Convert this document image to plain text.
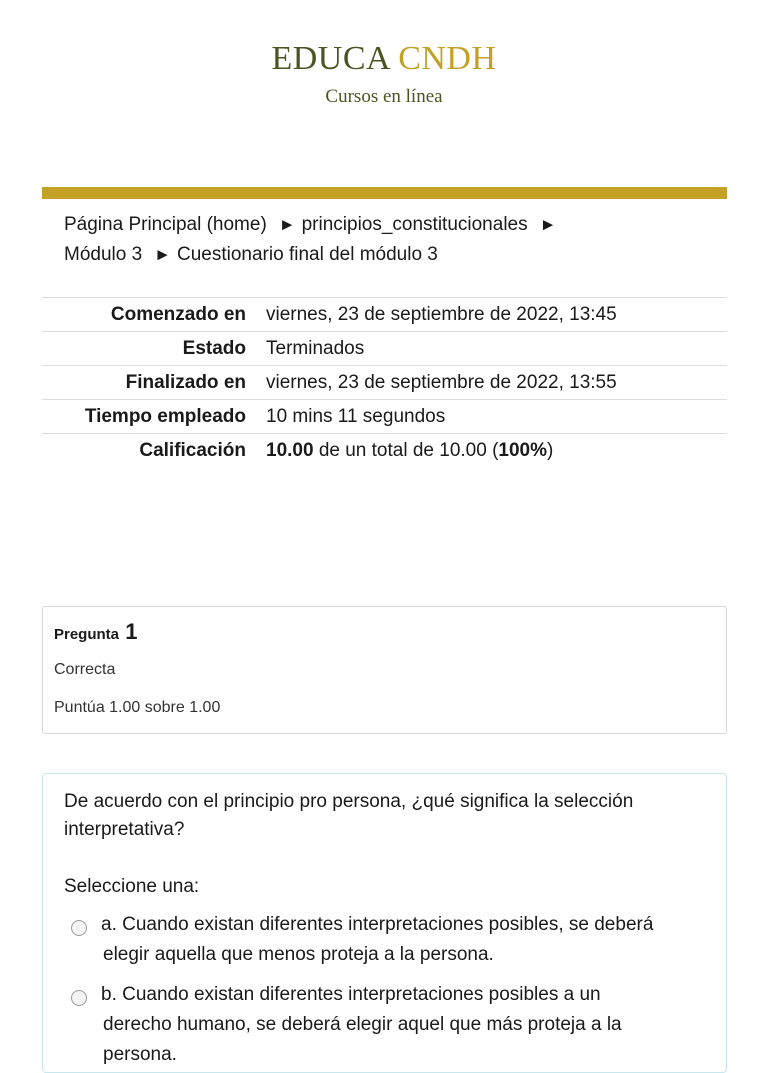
EDUCA CNDH
Cursos en línea
Página Principal (home) ► principios_constitucionales ►
Módulo 3 ► Cuestionario final del módulo 3
Comenzado en	viernes, 23 de septiembre de 2022, 13:45
Estado	Terminados
Finalizado en	viernes, 23 de septiembre de 2022, 13:55
Tiempo empleado	10 mins 11 segundos
Calificación	10.00 de un total de 10.00 (100%)
Pregunta 1
Correcta
Puntúa 1.00 sobre 1.00
De acuerdo con el principio pro persona, ¿qué significa la selección interpretativa?
Seleccione una:
a. Cuando existan diferentes interpretaciones posibles, se deberá elegir aquella que menos proteja a la persona.
b. Cuando existan diferentes interpretaciones posibles a un derecho humano, se deberá elegir aquel que más proteja a la persona.
